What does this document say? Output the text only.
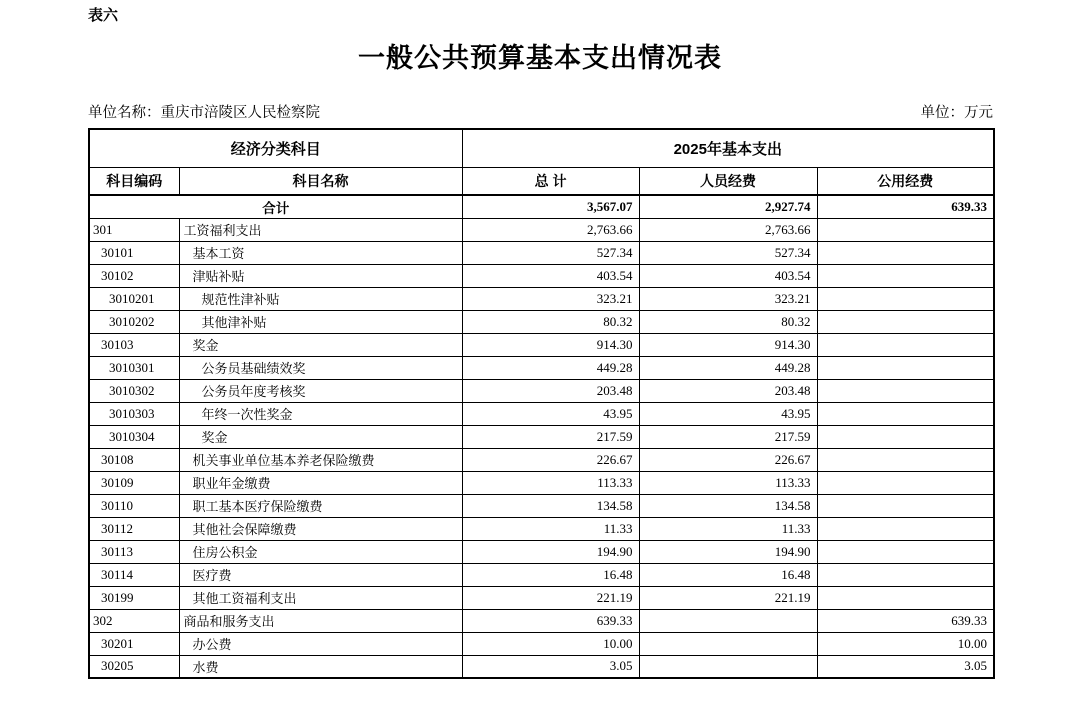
表六
一般公共预算基本支出情况表
单位名称：重庆市涪陵区人民检察院	单位：万元
经济分类科目		2025年基本支出		
科目编码	科目名称	总 计	人员经费	公用经费
合计		3,567.07	2,927.74	639.33
301	工资福利支出	2,763.66	2,763.66	
30101	基本工资	527.34	527.34	
30102	津贴补贴	403.54	403.54	
3010201	规范性津补贴	323.21	323.21	
3010202	其他津补贴	80.32	80.32	
30103	奖金	914.30	914.30	
3010301	公务员基础绩效奖	449.28	449.28	
3010302	公务员年度考核奖	203.48	203.48	
3010303	年终一次性奖金	43.95	43.95	
3010304	奖金	217.59	217.59	
30108	机关事业单位基本养老保险缴费	226.67	226.67	
30109	职业年金缴费	113.33	113.33	
30110	职工基本医疗保险缴费	134.58	134.58	
30112	其他社会保障缴费	11.33	11.33	
30113	住房公积金	194.90	194.90	
30114	医疗费	16.48	16.48	
30199	其他工资福利支出	221.19	221.19	
302	商品和服务支出	639.33		639.33
30201	办公费	10.00		10.00
30205	水费	3.05		3.05
